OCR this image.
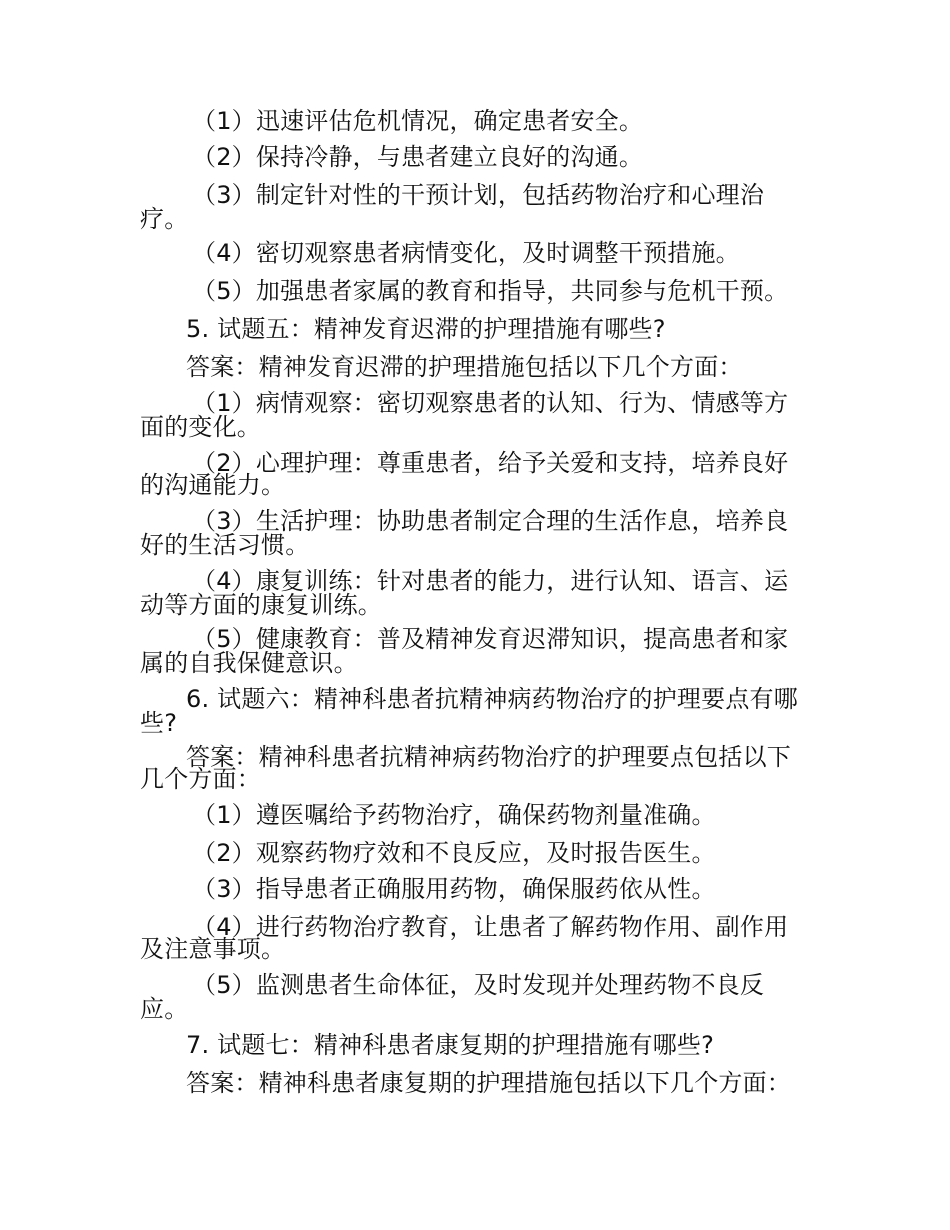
（1）迅速评估危机情况，确定患者安全。
（2）保持冷静，与患者建立良好的沟通。
（3）制定针对性的干预计划，包括药物治疗和心理治
疗。
（4）密切观察患者病情变化，及时调整干预措施。
（5）加强患者家属的教育和指导，共同参与危机干预。
5. 试题五：精神发育迟滞的护理措施有哪些?
答案：精神发育迟滞的护理措施包括以下几个方面：
（1）病情观察：密切观察患者的认知、行为、情感等方
面的变化。
（2）心理护理：尊重患者，给予关爱和支持，培养良好
的沟通能力。
（3）生活护理：协助患者制定合理的生活作息，培养良
好的生活习惯。
（4）康复训练：针对患者的能力，进行认知、语言、运
动等方面的康复训练。
（5）健康教育：普及精神发育迟滞知识，提高患者和家
属的自我保健意识。
6. 试题六：精神科患者抗精神病药物治疗的护理要点有哪
些?
答案：精神科患者抗精神病药物治疗的护理要点包括以下
几个方面：
（1）遵医嘱给予药物治疗，确保药物剂量准确。
（2）观察药物疗效和不良反应，及时报告医生。
（3）指导患者正确服用药物，确保服药依从性。
（4）进行药物治疗教育，让患者了解药物作用、副作用
及注意事项。
（5）监测患者生命体征，及时发现并处理药物不良反
应。
7. 试题七：精神科患者康复期的护理措施有哪些?
答案：精神科患者康复期的护理措施包括以下几个方面：
